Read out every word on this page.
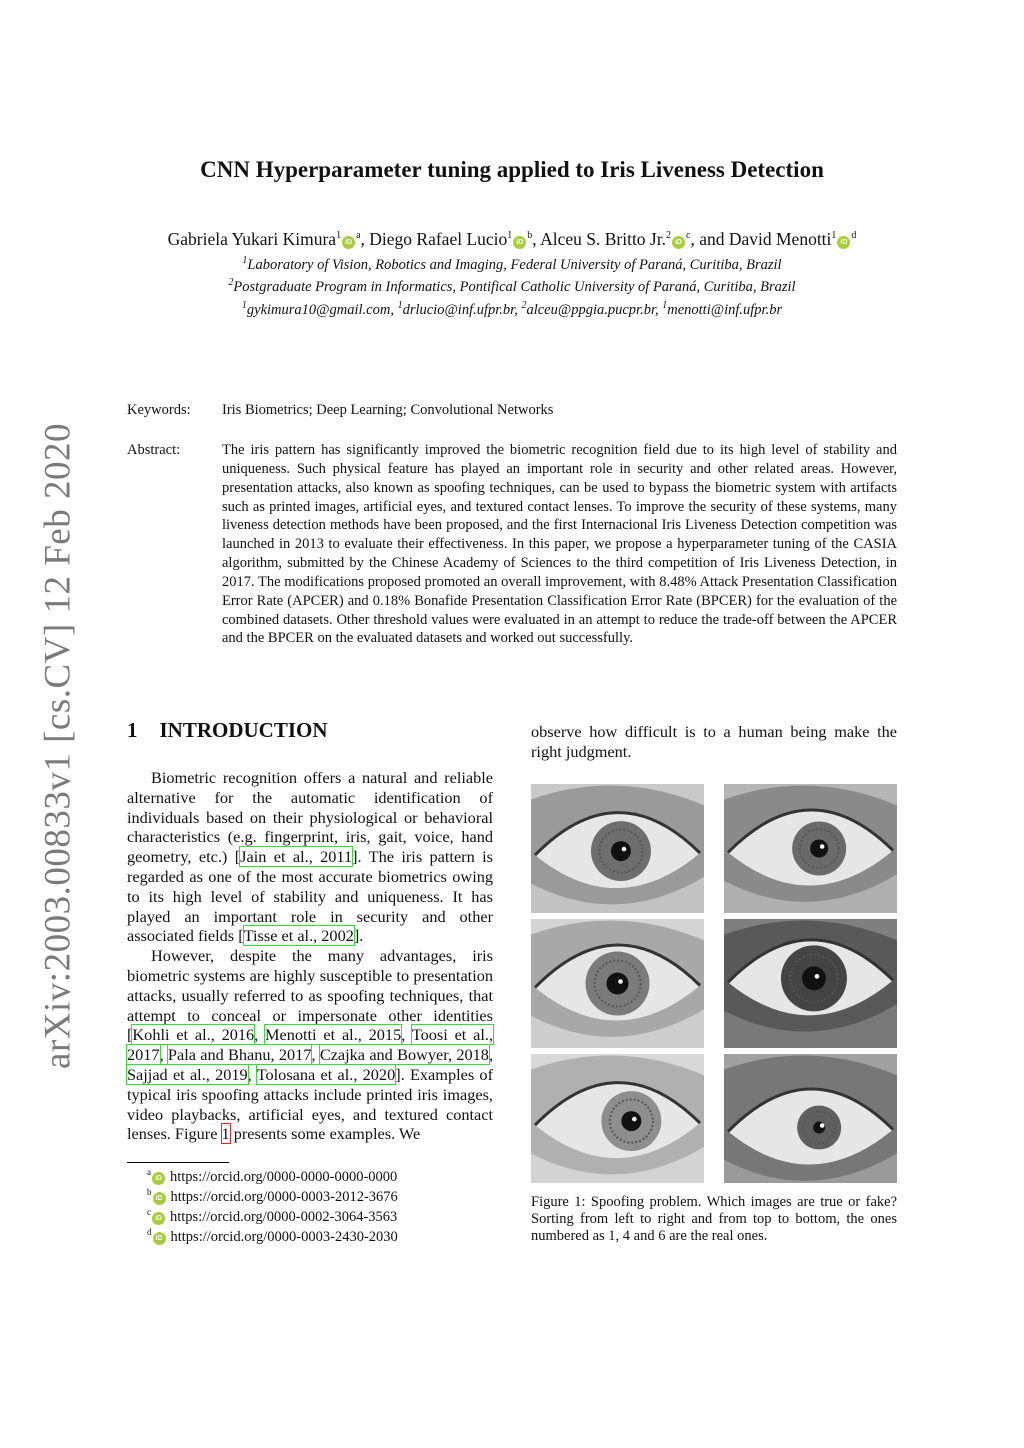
arXiv:2003.00833v1 [cs.CV] 12 Feb 2020
CNN Hyperparameter tuning applied to Iris Liveness Detection
Gabriela Yukari $Kimura^1iD^a$, Diego Rafael $Lucio^1iD^b$, Alceu S. Britto $Jr.^2iD^c$, and David $Menotti^1iD^d$
$^1$Laboratory of Vision, Robotics and Imaging, Federal University of Paraná, Curitiba, Brazil
$^2$Postgraduate Program in Informatics, Pontifical Catholic University of Paraná, Curitiba, Brazil
$^1$gykimura10@gmail.com, $^1$drlucio@inf.ufpr.br, $^2$alceu@ppgia.pucpr.br, $^1$menotti@inf.ufpr.br
Keywords: Iris Biometrics; Deep Learning; Convolutional Networks
Abstract:	The iris pattern has significantly improved the biometric recognition field due to its high level of stability and uniqueness. Such physical feature has played an important role in security and other related areas. However, presentation attacks, also known as spoofing techniques, can be used to bypass the biometric system with artifacts such as printed images, artificial eyes, and textured contact lenses. To improve the security of these systems, many liveness detection methods have been proposed, and the first Internacional Iris Liveness Detection competition was launched in 2013 to evaluate their effectiveness. In this paper, we propose a hyperparameter tuning of the CASIA algorithm, submitted by the Chinese Academy of Sciences to the third competition of Iris Liveness Detection, in 2017. The modifications proposed promoted an overall improvement, with 8.48% Attack Presentation Classification Error Rate (APCER) and 0.18% Bonafide Presentation Classification Error Rate (BPCER) for the evaluation of the combined datasets. Other threshold values were evaluated in an attempt to reduce the trade-off between the APCER and the BPCER on the evaluated datasets and worked out successfully.
1 INTRODUCTION

Biometric recognition offers a natural and reliable alternative for the automatic identification of individuals based on their physiological or behavioral characteristics (e.g. fingerprint, iris, gait, voice, hand geometry, etc.) [Jain et al., 2011]. The iris pattern is regarded as one of the most accurate biometrics owing to its high level of stability and uniqueness. It has played an important role in security and other associated fields [Tisse et al., 2002].

However, despite the many advantages, iris biometric systems are highly susceptible to presentation attacks, usually referred to as spoofing techniques, that attempt to conceal or impersonate other identities [Kohli et al., 2016, Menotti et al., 2015, Toosi et al., 2017, Pala and Bhanu, 2017, Czajka and Bowyer, 2018, Sajjad et al., 2019, Tolosana et al., 2020]. Examples of typical iris spoofing attacks include printed iris images, video playbacks, artificial eyes, and textured contact lenses. Figure 1 presents some examples. We

observe how difficult is to a human being make the right judgment.
$^a$iD https://orcid.org/0000-0000-0000-0000
$^b$iD https://orcid.org/0000-0003-2012-3676
$^c$iD https://orcid.org/0000-0002-3064-3563
$^d$iD https://orcid.org/0000-0003-2430-2030
Figure 1: Spoofing problem. Which images are true or fake? Sorting from left to right and from top to bottom, the ones numbered as 1, 4 and 6 are the real ones.
